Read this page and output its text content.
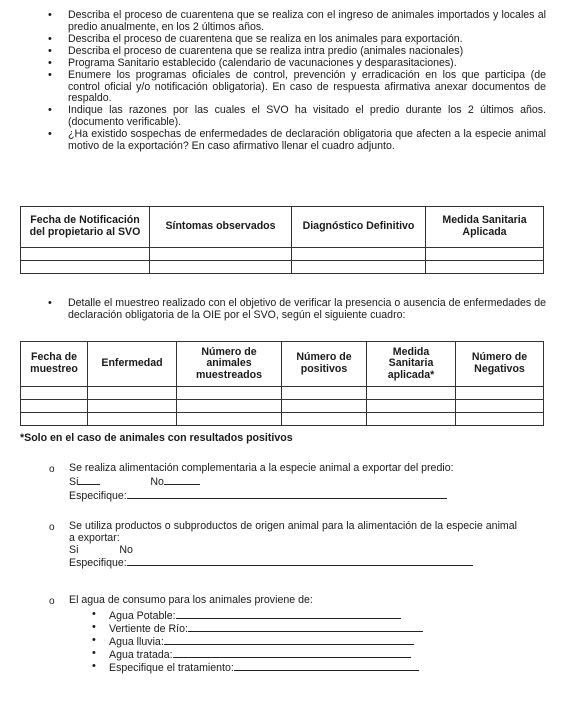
• Describa el proceso de cuarentena que se realiza con el ingreso de animales importados y locales al predio anualmente, en los 2 últimos años.
• Describa el proceso de cuarentena que se realiza en los animales para exportación.
• Describa el proceso de cuarentena que se realiza intra predio (animales nacionales)
• Programa Sanitario establecido (calendario de vacunaciones y desparasitaciones).
• Enumere los programas oficiales de control, prevención y erradicación en los que participa (de control oficial y/o notificación obligatoria). En caso de respuesta afirmativa anexar documentos de respaldo.
• Indique las razones por las cuales el SVO ha visitado el predio durante los 2 últimos años. (documento verificable).
• ¿Ha existido sospechas de enfermedades de declaración obligatoria que afecten a la especie animal motivo de la exportación? En caso afirmativo llenar el cuadro adjunto.
Fecha de Notificación del propietario al SVO	Síntomas observados	Diagnóstico Definitivo	Medida Sanitaria Aplicada

• Detalle el muestreo realizado con el objetivo de verificar la presencia o ausencia de enfermedades de declaración obligatoria de la OIE por el SVO, según el siguiente cuadro:
Fecha de muestreo	Enfermedad	Número de animales muestreados	Número de positivos	Medida Sanitaria aplicada*	Número de Negativos

*Solo en el caso de animales con resultados positivos
o Se realiza alimentación complementaria a la especie animal a exportar del predio:
Si	No
Especifique:
o Se utiliza productos o subproductos de origen animal para la alimentación de la especie animal a exportar:
Si	No
Especifique:
o El agua de consumo para los animales proviene de:
• Agua Potable:
• Vertiente de Río:
• Agua lluvia:
• Agua tratada:
• Especifique el tratamiento:
